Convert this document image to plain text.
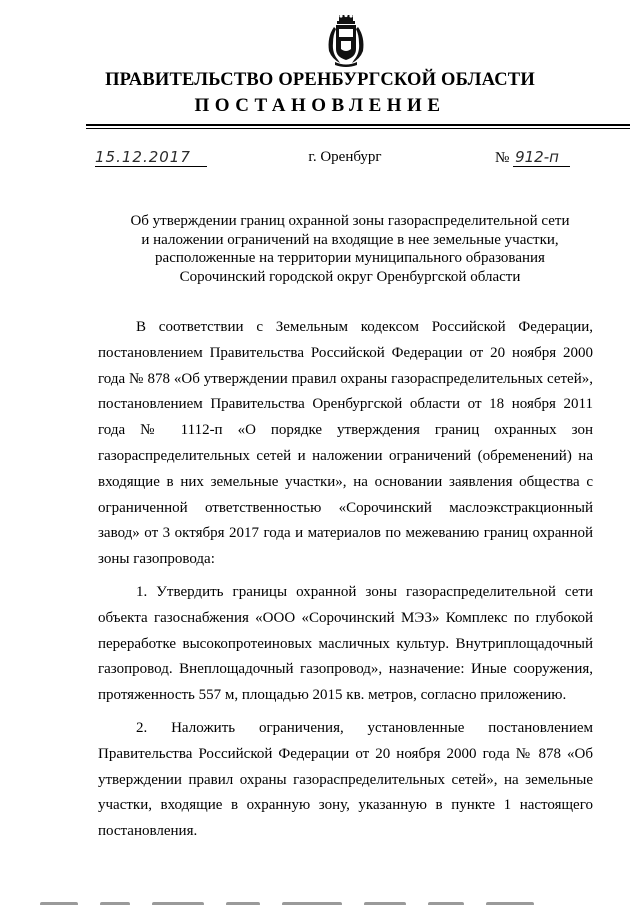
ПРАВИТЕЛЬСТВО ОРЕНБУРГСКОЙ ОБЛАСТИ
ПОСТАНОВЛЕНИЕ
15.12.2017	г. Оренбург	№ 912-п
Об утверждении границ охранной зоны газораспределительной сети
и наложении ограничений на входящие в нее земельные участки,
расположенные на территории муниципального образования
Сорочинский городской округ Оренбургской области

В соответствии с Земельным кодексом Российской Федерации, постановлением Правительства Российской Федерации от 20 ноября 2000 года № 878 «Об утверждении правил охраны газораспределительных сетей», постановлением Правительства Оренбургской области от 18 ноября 2011 года № 1112-п «О порядке утверждения границ охранных зон газораспределительных сетей и наложении ограничений (обременений) на входящие в них земельные участки», на основании заявления общества с ограниченной ответственностью «Сорочинский маслоэкстракционный завод» от 3 октября 2017 года и материалов по межеванию границ охранной зоны газопровода:

1. Утвердить границы охранной зоны газораспределительной сети объекта газоснабжения «ООО «Сорочинский МЭЗ» Комплекс по глубокой переработке высокопротеиновых масличных культур. Внутриплощадочный газопровод. Внеплощадочный газопровод», назначение: Иные сооружения, протяженность 557 м, площадью 2015 кв. метров, согласно приложению.

2. Наложить ограничения, установленные постановлением Правительства Российской Федерации от 20 ноября 2000 года № 878 «Об утверждении правил охраны газораспределительных сетей», на земельные участки, входящие в охранную зону, указанную в пункте 1 настоящего постановления.
